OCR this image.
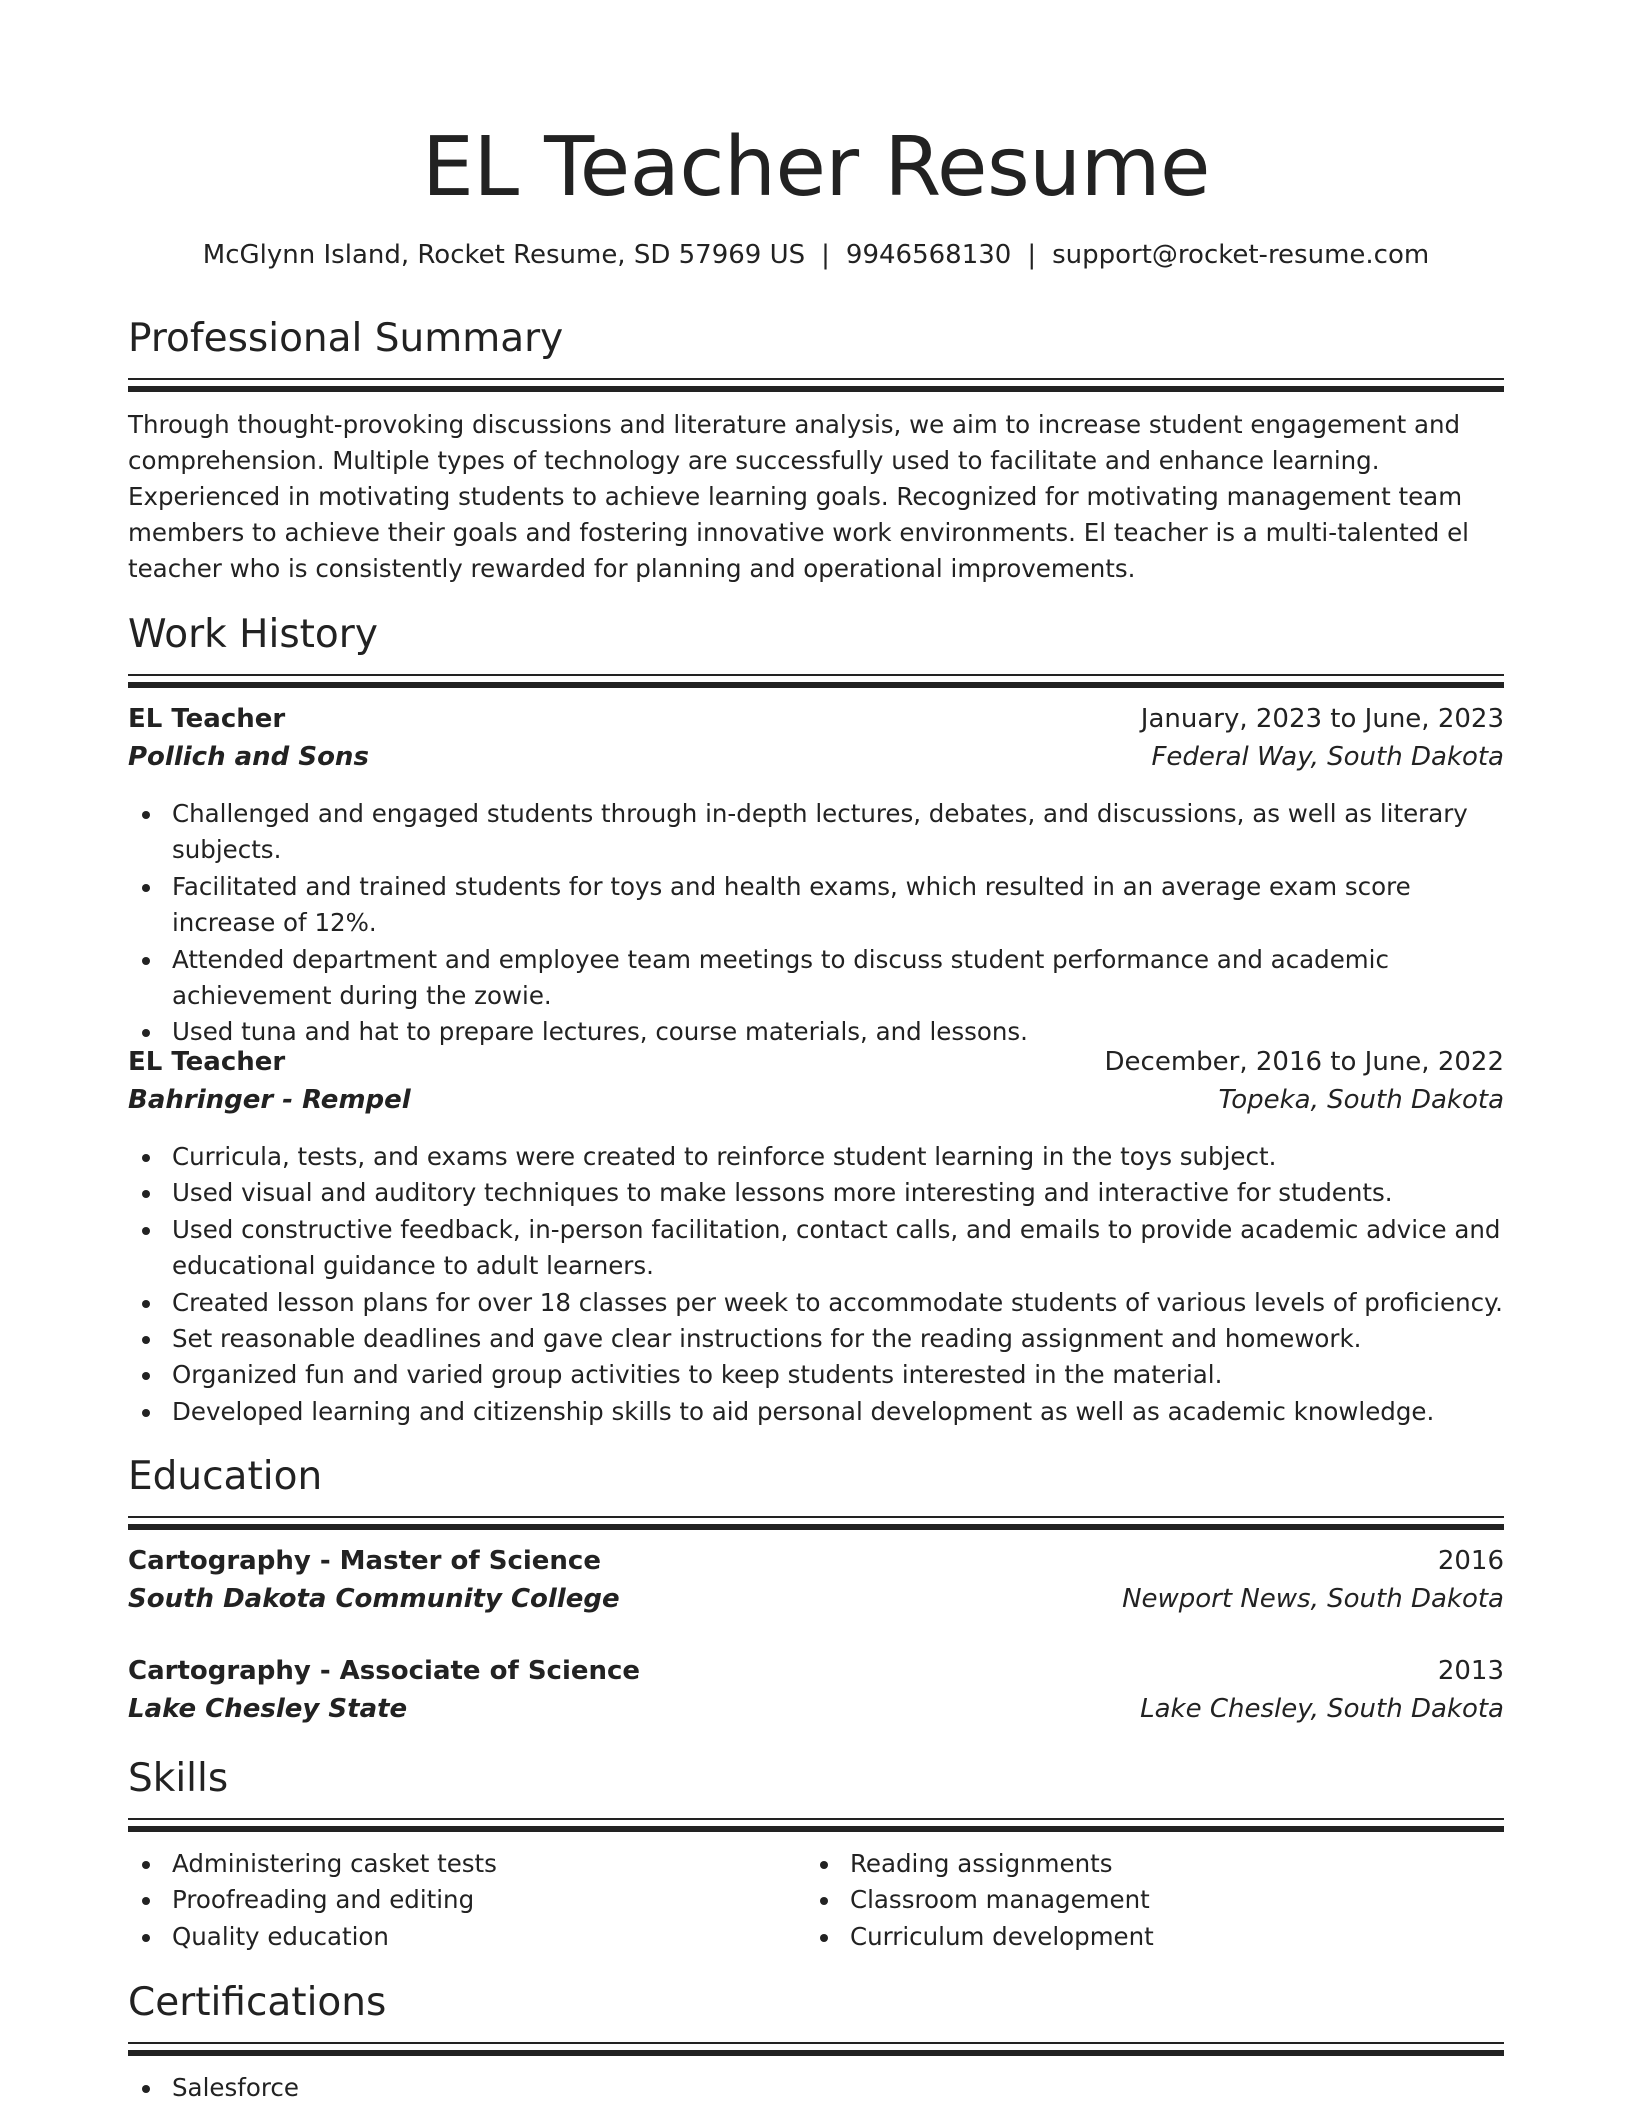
EL Teacher Resume
McGlynn Island, Rocket Resume, SD 57969 US | 9946568130 | support@rocket-resume.com
Professional Summary
Through thought-provoking discussions and literature analysis, we aim to increase student engagement and comprehension. Multiple types of technology are successfully used to facilitate and enhance learning. Experienced in motivating students to achieve learning goals. Recognized for motivating management team members to achieve their goals and fostering innovative work environments. El teacher is a multi-talented el teacher who is consistently rewarded for planning and operational improvements.
Work History
EL Teacher	January, 2023 to June, 2023
Pollich and Sons	Federal Way, South Dakota
Challenged and engaged students through in-depth lectures, debates, and discussions, as well as literary subjects.
Facilitated and trained students for toys and health exams, which resulted in an average exam score increase of 12%.
Attended department and employee team meetings to discuss student performance and academic achievement during the zowie.
Used tuna and hat to prepare lectures, course materials, and lessons.
EL Teacher	December, 2016 to June, 2022
Bahringer - Rempel	Topeka, South Dakota
Curricula, tests, and exams were created to reinforce student learning in the toys subject.
Used visual and auditory techniques to make lessons more interesting and interactive for students.
Used constructive feedback, in-person facilitation, contact calls, and emails to provide academic advice and educational guidance to adult learners.
Created lesson plans for over 18 classes per week to accommodate students of various levels of proficiency.
Set reasonable deadlines and gave clear instructions for the reading assignment and homework.
Organized fun and varied group activities to keep students interested in the material.
Developed learning and citizenship skills to aid personal development as well as academic knowledge.
Education
Cartography - Master of Science	2016
South Dakota Community College	Newport News, South Dakota
Cartography - Associate of Science	2013
Lake Chesley State	Lake Chesley, South Dakota
Skills
Administering casket tests
Proofreading and editing
Quality education
Reading assignments
Classroom management
Curriculum development
Certifications
Salesforce
